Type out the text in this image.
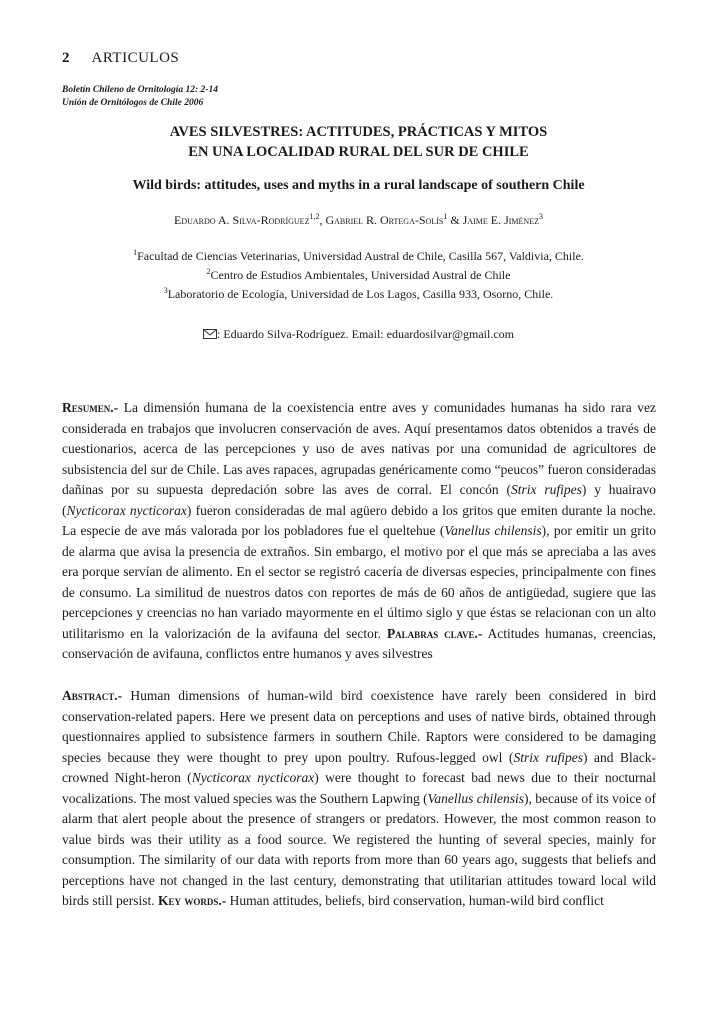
2 ARTICULOS
Boletín Chileno de Ornitología 12: 2-14
Unión de Ornitólogos de Chile 2006
AVES SILVESTRES: ACTITUDES, PRÁCTICAS Y MITOS
EN UNA LOCALIDAD RURAL DEL SUR DE CHILE
Wild birds: attitudes, uses and myths in a rural landscape of southern Chile
Eduardo A. Silva-Rodríguez$^{1,2}$, Gabriel R. Ortega-Solís$^1$ & Jaime E. Jiménez$^3$
$^1$Facultad de Ciencias Veterinarias, Universidad Austral de Chile, Casilla 567, Valdivia, Chile.
$^2$Centro de Estudios Ambientales, Universidad Austral de Chile
$^3$Laboratorio de Ecología, Universidad de Los Lagos, Casilla 933, Osorno, Chile.
: Eduardo Silva-Rodríguez. Email: eduardosilvar@gmail.com
Resumen.- La dimensión humana de la coexistencia entre aves y comunidades humanas ha sido rara vez considerada en trabajos que involucren conservación de aves. Aquí presentamos datos obtenidos a través de cuestionarios, acerca de las percepciones y uso de aves nativas por una comunidad de agricultores de subsistencia del sur de Chile. Las aves rapaces, agrupadas genéricamente como “peucos” fueron consideradas dañinas por su supuesta depredación sobre las aves de corral. El concón (Strix rufipes) y huairavo (Nycticorax nycticorax) fueron consideradas de mal agüero debido a los gritos que emiten durante la noche. La especie de ave más valorada por los pobladores fue el queltehue (Vanellus chilensis), por emitir un grito de alarma que avisa la presencia de extraños. Sin embargo, el motivo por el que más se apreciaba a las aves era porque servían de alimento. En el sector se registró cacería de diversas especies, principalmente con fines de consumo. La similitud de nuestros datos con reportes de más de 60 años de antigüedad, sugiere que las percepciones y creencias no han variado mayormente en el último siglo y que éstas se relacionan con un alto utilitarismo en la valorización de la avifauna del sector. Palabras clave.- Actitudes humanas, creencias, conservación de avifauna, conflictos entre humanos y aves silvestres
Abstract.- Human dimensions of human-wild bird coexistence have rarely been considered in bird conservation-related papers. Here we present data on perceptions and uses of native birds, obtained through questionnaires applied to subsistence farmers in southern Chile. Raptors were considered to be damaging species because they were thought to prey upon poultry. Rufous-legged owl (Strix rufipes) and Black-crowned Night-heron (Nycticorax nycticorax) were thought to forecast bad news due to their nocturnal vocalizations. The most valued species was the Southern Lapwing (Vanellus chilensis), because of its voice of alarm that alert people about the presence of strangers or predators. However, the most common reason to value birds was their utility as a food source. We registered the hunting of several species, mainly for consumption. The similarity of our data with reports from more than 60 years ago, suggests that beliefs and perceptions have not changed in the last century, demonstrating that utilitarian attitudes toward local wild birds still persist. Key words.- Human attitudes, beliefs, bird conservation, human-wild bird conflict
